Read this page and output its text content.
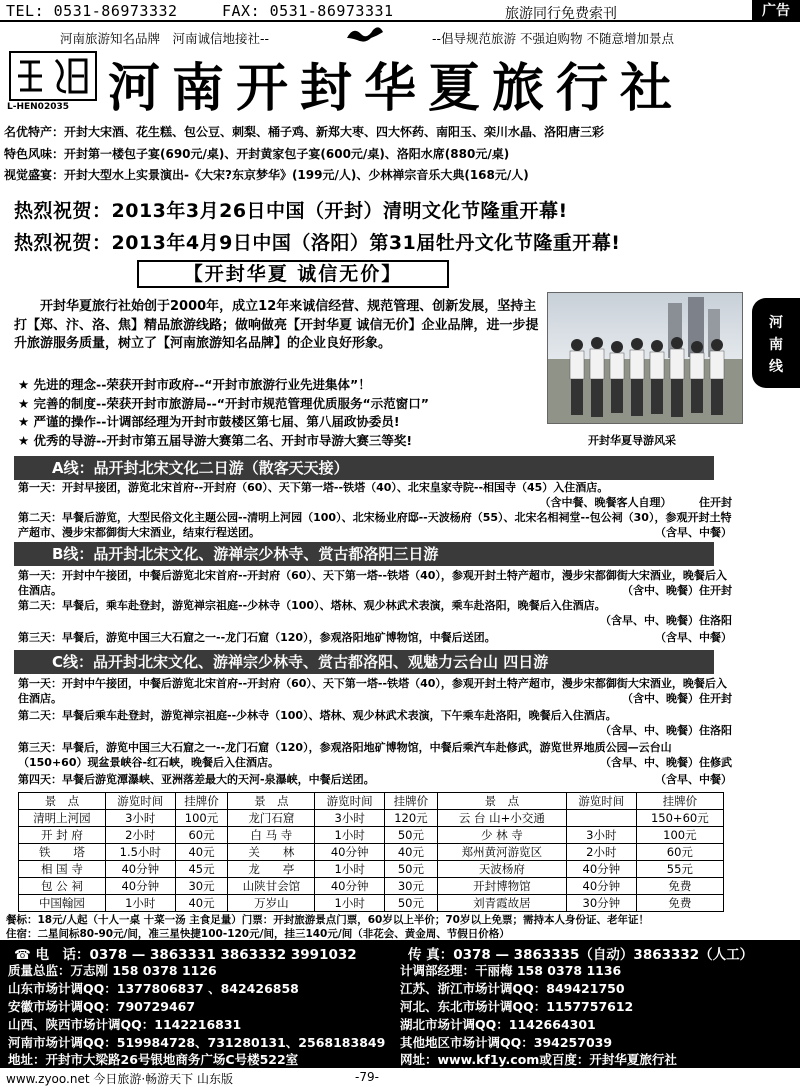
TEL: 0531-86973332	FAX: 0531-86973331	旅游同行免费索刊	广告
河南旅游知名品牌　河南诚信地接社--	--倡导规范旅游 不强迫购物 不随意增加景点
L-HEN02035 河南开封华夏旅行社
名优特产：开封大宋酒、花生糕、包公豆、刺梨、桶子鸡、新郑大枣、四大怀药、南阳玉、栾川水晶、洛阳唐三彩
特色风味：开封第一楼包子宴(690元/桌)、开封黄家包子宴(600元/桌)、洛阳水席(880元/桌)
视觉盛宴：开封大型水上实景演出-《大宋?东京梦华》(199元/人)、少林禅宗音乐大典(168元/人)
热烈祝贺：2013年3月26日中国（开封）清明文化节隆重开幕!
热烈祝贺：2013年4月9日中国（洛阳）第31届牡丹文化节隆重开幕!
【开封华夏 诚信无价】

开封华夏旅行社始创于2000年，成立12年来诚信经营、规范管理、创新发展，坚持主打【郑、汴、洛、焦】精品旅游线路；做响做亮【开封华夏 诚信无价】企业品牌，进一步提升旅游服务质量，树立了【河南旅游知名品牌】的企业良好形象。

★ 先进的理念--荣获开封市政府--“开封市旅游行业先进集体”！
★ 完善的制度--荣获开封市旅游局--“开封市规范管理优质服务“示范窗口”
★ 严谨的操作--计调部经理为开封市鼓楼区第七届、第八届政协委员!
★ 优秀的导游--开封市第五届导游大赛第二名、开封市导游大赛三等奖!	开封华夏导游风采
河
南
线
A线：品开封北宋文化二日游（散客天天接）
第一天：开封早接团，游览北宋首府--开封府（60）、天下第一塔--铁塔（40）、北宋皇家寺院--相国寺（45）入住酒店。
（含中餐、晚餐客人自理）　　　住开封
第二天：早餐后游览，大型民俗文化主题公园--清明上河园（100）、北宋杨业府邸--天波杨府（55）、北宋名相祠堂--包公祠（30），参观开封土特产超市、漫步宋都御街大宋酒业，结束行程送团。	（含早、中餐）
B线：品开封北宋文化、游禅宗少林寺、赏古都洛阳三日游
第一天：开封中午接团，中餐后游览北宋首府--开封府（60）、天下第一塔--铁塔（40），参观开封土特产超市，漫步宋都御街大宋酒业，晚餐后入住酒店。	（含中、晚餐）住开封
第二天：早餐后，乘车赴登封，游览禅宗祖庭--少林寺（100）、塔林、观少林武术表演，乘车赴洛阳，晚餐后入住酒店。
（含早、中、晚餐）住洛阳
第三天：早餐后，游览中国三大石窟之一--龙门石窟（120），参观洛阳地矿博物馆，中餐后送团。	（含早、中餐）
C线：品开封北宋文化、游禅宗少林寺、赏古都洛阳、观魅力云台山 四日游
第一天：开封中午接团，中餐后游览北宋首府--开封府（60）、天下第一塔--铁塔（40），参观开封土特产超市，漫步宋都御街大宋酒业，晚餐后入住酒店。	（含中、晚餐）住开封
第二天：早餐后乘车赴登封，游览禅宗祖庭--少林寺（100）、塔林、观少林武术表演，下午乘车赴洛阳，晚餐后入住酒店。
（含早、中、晚餐）住洛阳
第三天：早餐后，游览中国三大石窟之一--龙门石窟（120），参观洛阳地矿博物馆，中餐后乘汽车赴修武，游览世界地质公园—云台山（150+60）现盆景峡谷-红石峡，晚餐后入住酒店。	（含早、中、晚餐）住修武
第四天：早餐后游览潭瀑峡、亚洲落差最大的天河-泉瀑峡，中餐后送团。	（含早、中餐）
景　点	游览时间	挂牌价	景　点	游览时间	挂牌价	景　点	游览时间	挂牌价
清明上河园	3小时	100元	龙门石窟	3小时	120元	云 台 山+小交通		150+60元
开 封 府	2小时	60元	白 马 寺	1小时	50元	少 林 寺	3小时	100元
铁　　塔	1.5小时	40元	关　　林	40分钟	40元	郑州黄河游览区	2小时	60元
相 国 寺	40分钟	45元	龙　　亭	1小时	50元	天波杨府	40分钟	55元
包 公 祠	40分钟	30元	山陕甘会馆	40分钟	30元	开封博物馆	40分钟	免费
中国翰园	1小时	40元	万岁山	1小时	50元	刘青霞故居	30分钟	免费
餐标：18元/人起（十人一桌 十菜一汤 主食足量）门票：开封旅游景点门票，60岁以上半价；70岁以上免票；需持本人身份证、老年证！
住宿：二星间标80-90元/间，准三星快捷100-120元/间，挂三140元/间（非花会、黄金周、节假日价格）
☎ 电　话：0378 — 3863331 3863332 3991032	传 真：0378 — 3863335（自动）3863332（人工）
质量总监：万志刚 158 0378 1126	计调部经理：干丽梅 158 0378 1136
山东市场计调QQ：1377806837 、842426858	江苏、浙江市场计调QQ：849421750
安徽市场计调QQ：790729467	河北、东北市场计调QQ：1157757612
山西、陕西市场计调QQ：1142216831	湖北市场计调QQ：1142664301
河南市场计调QQ：519984728、731280131、2568183849 其他地区市场计调QQ：394257039
地址：开封市大梁路26号银地商务广场C号楼522室	网址：www.kf1y.com或百度：开封华夏旅行社
www.zyoo.net 今日旅游·畅游天下 山东版	-79-
